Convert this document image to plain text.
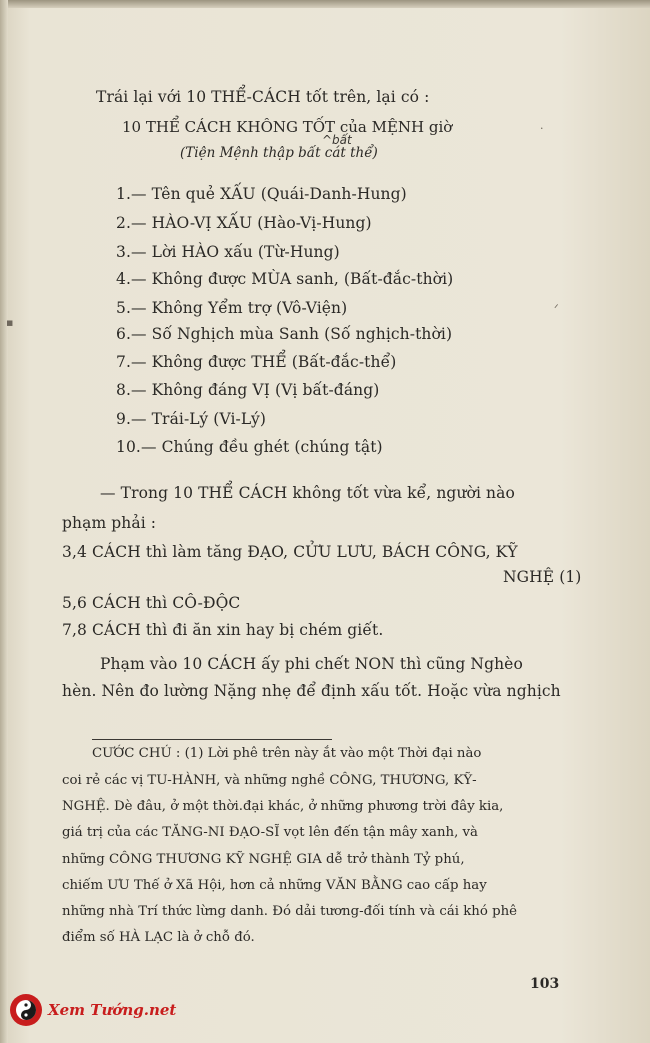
Trái lại với 10 THỂ-CÁCH tốt trên, lại có :
10 THỂ CÁCH KHÔNG TỐT của MỆNH giờ
^bất
(Tiện Mệnh thập bất cát thể)
1.— Tên quẻ XẤU (Quái-Danh-Hung)
2.— HÀO-VỊ XẤU (Hào-Vị-Hung)
3.— Lời HÀO xấu (Từ-Hung)
4.— Không được MÙA sanh, (Bất-đắc-thời)
5.— Không Yểm trợ (Vô-Viện)
6.— Số Nghịch mùa Sanh (Số nghịch-thời)
7.— Không được THỂ (Bất-đắc-thể)
8.— Không đáng VỊ (Vị bất-đáng)
9.— Trái-Lý (Vi-Lý)
10.— Chúng đều ghét (chúng tật)
— Trong 10 THỂ CÁCH không tốt vừa kể, người nào
phạm phải :
3,4 CÁCH thì làm tăng ĐẠO, CỬU LƯU, BÁCH CÔNG, KỸ
NGHỆ (1)
5,6 CÁCH thì CÔ-ĐỘC
7,8 CÁCH thì đi ăn xin hay bị chém giết.
Phạm vào 10 CÁCH ấy phi chết NON thì cũng Nghèo
hèn. Nên đo lường Nặng nhẹ để định xấu tốt. Hoặc vừa nghịch
CƯỚC CHÚ : (1) Lời phê trên này ắt vào một Thời đại nào
coi rẻ các vị TU-HÀNH, và những nghề CÔNG, THƯƠNG, KỸ-
NGHỆ. Dè đâu, ở một thời.đại khác, ở những phương trời đây kia,
giá trị của các TĂNG-NI ĐẠO-SĨ vọt lên đến tận mây xanh, và
những CÔNG THƯƠNG KỸ NGHỆ GIA dễ trở thành Tỷ phú,
chiếm ƯU Thế ở Xã Hội, hơn cả những VĂN BẰNG cao cấp hay
những nhà Trí thức lừng danh. Đó dải tương-đối tính và cái khó phê
điểm số HÀ LẠC là ở chỗ đó.
103
▪
ᐟ
·
Xem Tướng.net
